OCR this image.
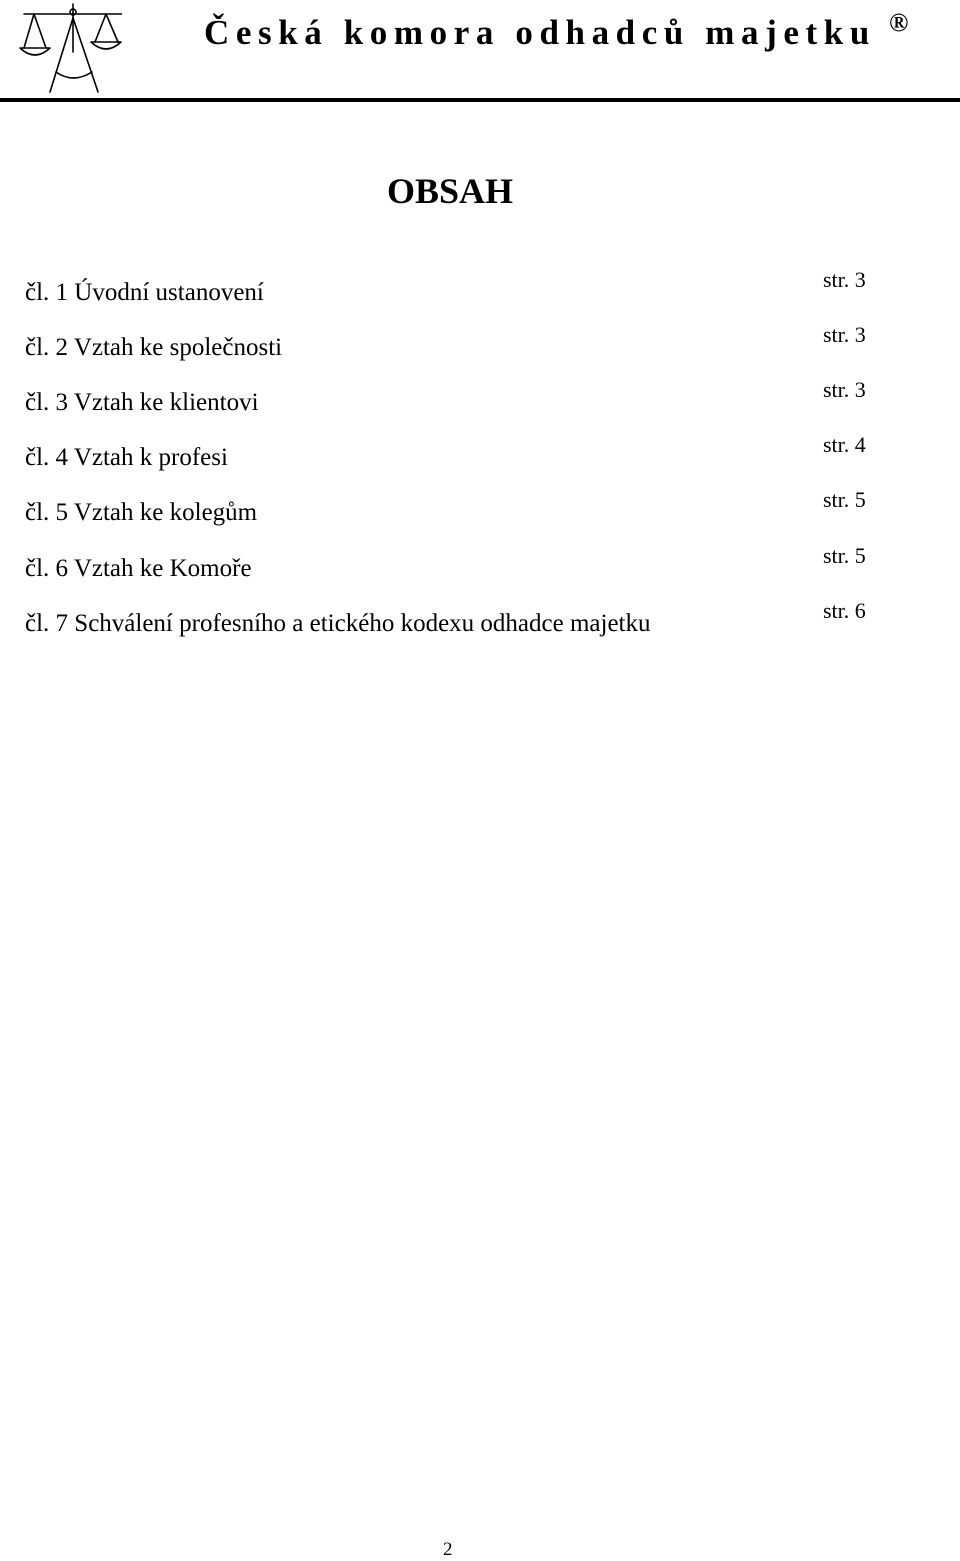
Česká komora odhadců majetku ®
OBSAH
čl. 1 Úvodní ustanovení	str. 3
čl. 2 Vztah ke společnosti	str. 3
čl. 3 Vztah ke klientovi	str. 3
čl. 4 Vztah k profesi	str. 4
čl. 5 Vztah ke kolegům	str. 5
čl. 6 Vztah ke Komoře	str. 5
čl. 7 Schválení profesního a etického kodexu odhadce majetku	str. 6
2
